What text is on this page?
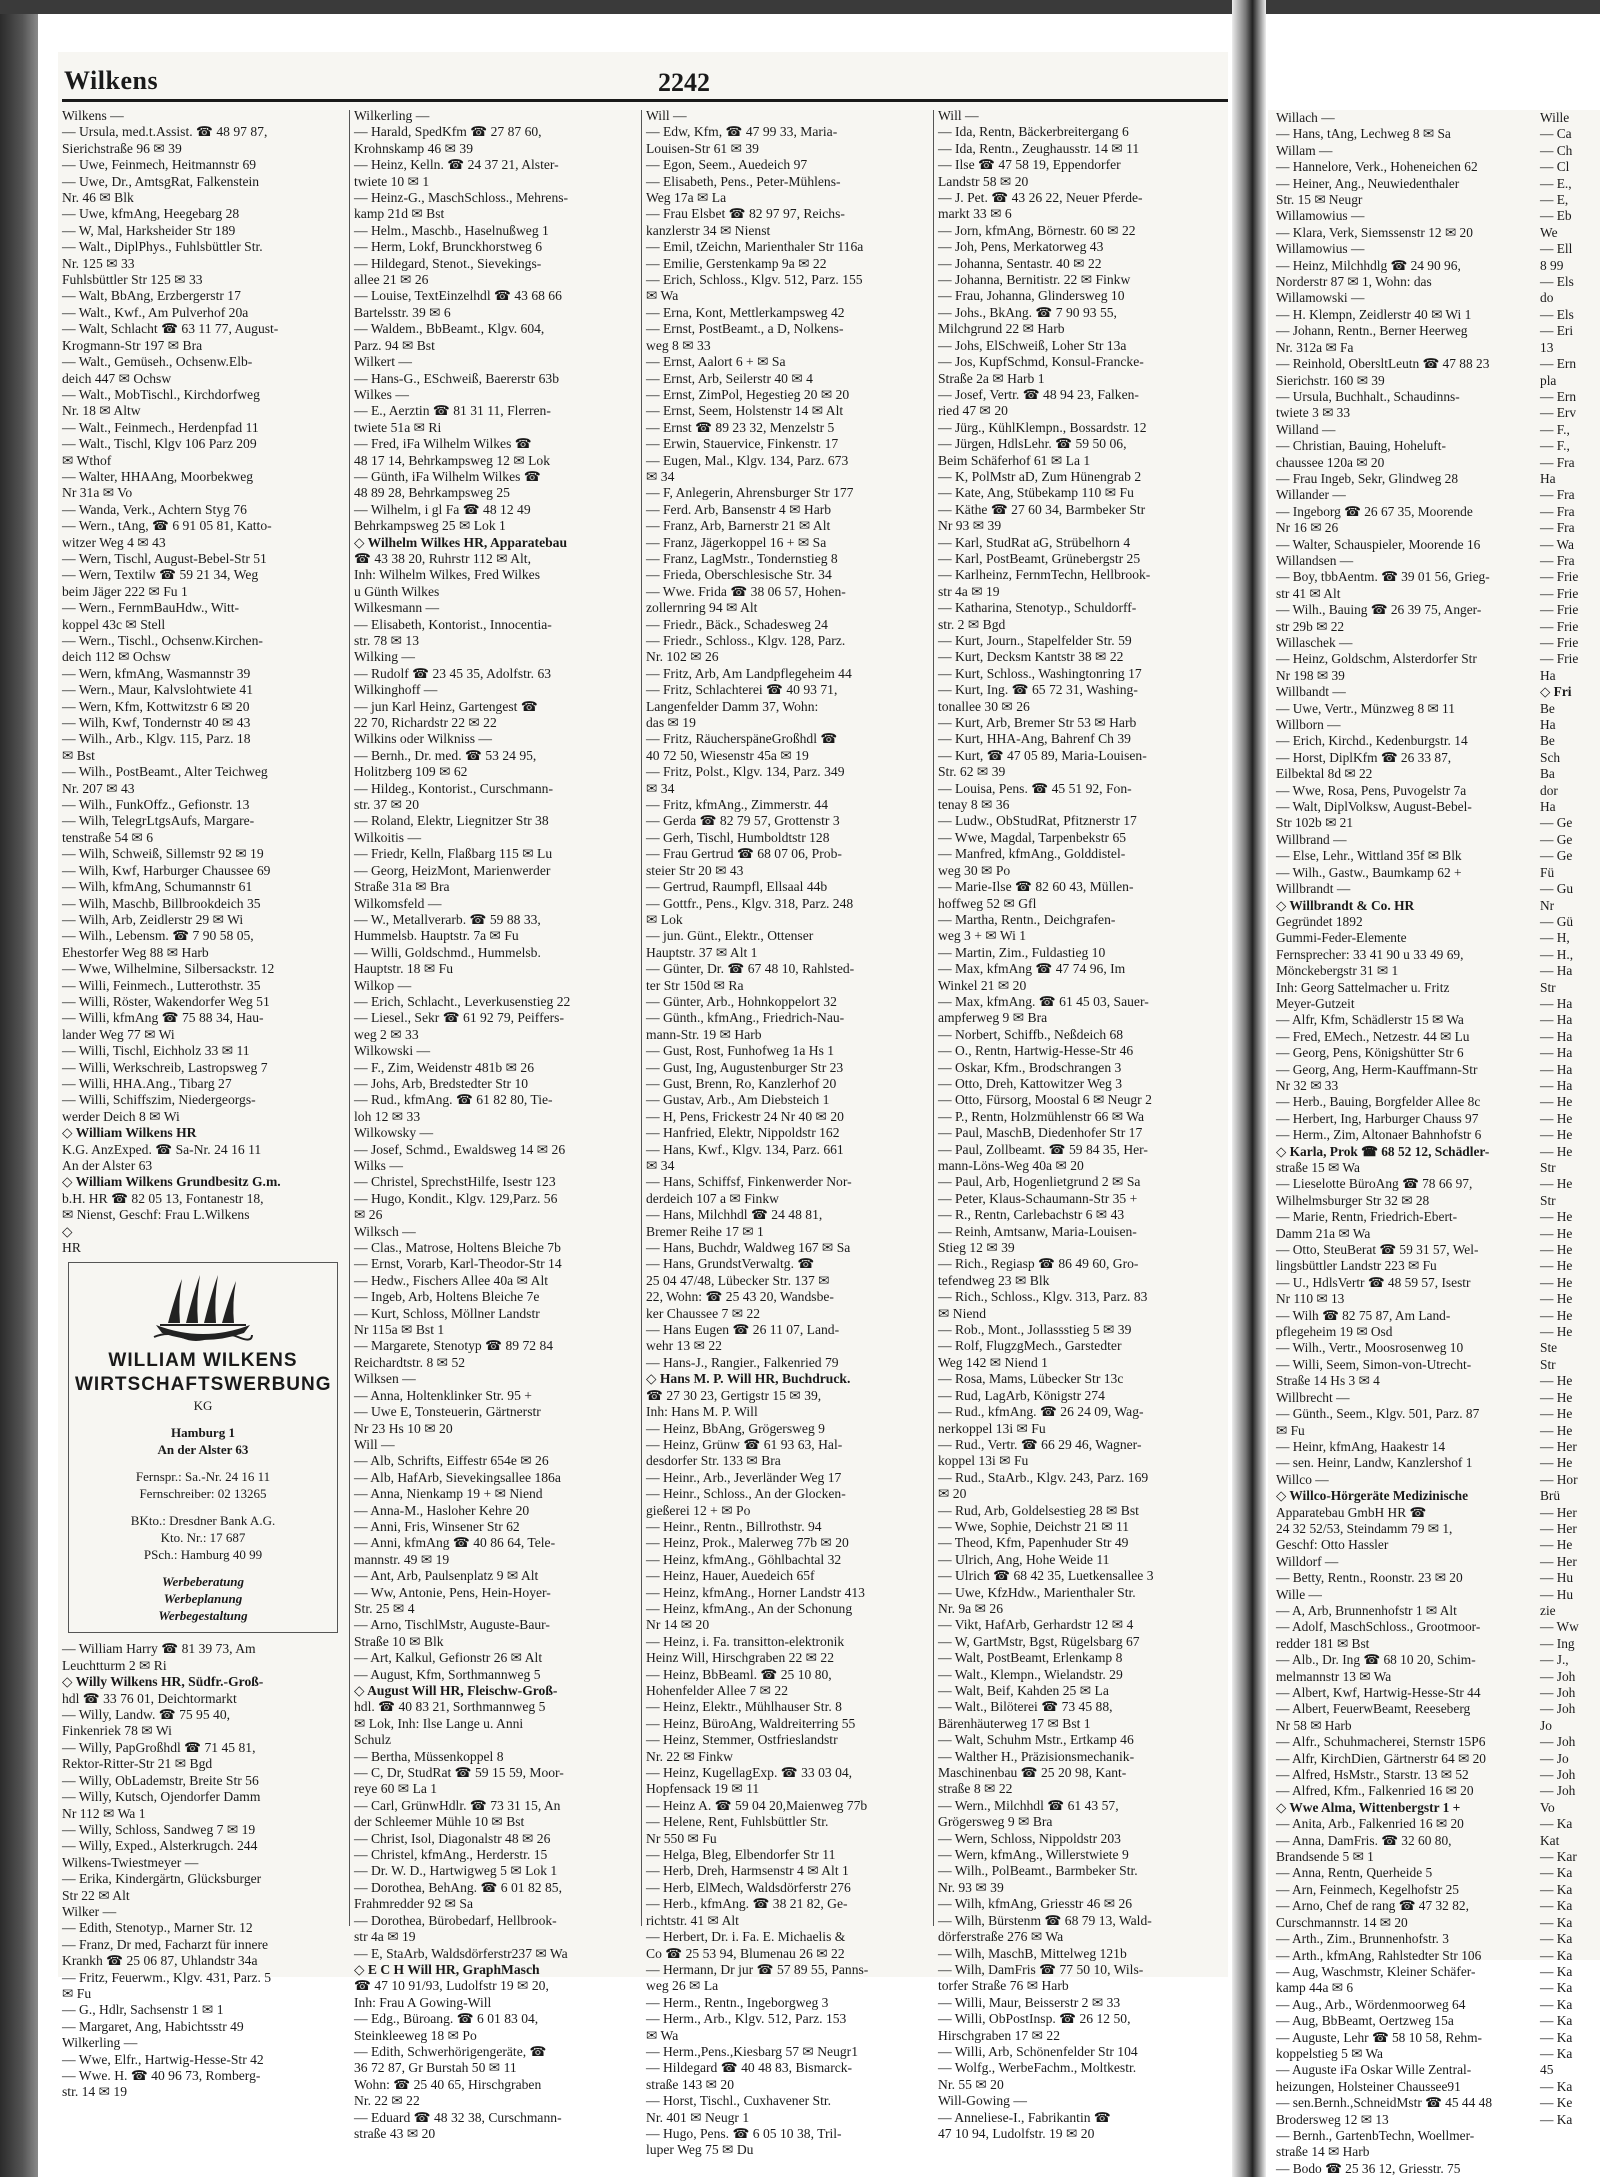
Wilkens	2242
Wilkens —
— Ursula, med.t.Assist. ☎ 48 97 87,
Sierichstraße 96 ✉ 39
— Uwe, Feinmech, Heitmannstr 69
— Uwe, Dr., AmtsgRat, Falkenstein
Nr. 46 ✉ Blk
— Uwe, kfmAng, Heegebarg 28
— W, Mal, Harksheider Str 189
— Walt., DiplPhys., Fuhlsbüttler Str.
Nr. 125 ✉ 33
Fuhlsbüttler Str 125 ✉ 33
— Walt, BbAng, Erzbergerstr 17
— Walt., Kwf., Am Pulverhof 20a
— Walt, Schlacht ☎ 63 11 77, August-
Krogmann-Str 197 ✉ Bra
— Walt., Gemüseh., Ochsenw.Elb-
deich 447 ✉ Ochsw
— Walt., MobTischl., Kirchdorfweg
Nr. 18 ✉ Altw
— Walt., Feinmech., Herdenpfad 11
— Walt., Tischl, Klgv 106 Parz 209
✉ Wthof
— Walter, HHAAng, Moorbekweg
Nr 31a ✉ Vo
— Wanda, Verk., Achtern Styg 76
— Wern., tAng, ☎ 6 91 05 81, Katto-
witzer Weg 4 ✉ 43
— Wern, Tischl, August-Bebel-Str 51
— Wern, Textilw ☎ 59 21 34, Weg
beim Jäger 222 ✉ Fu 1
— Wern., FernmBauHdw., Witt-
koppel 43c ✉ Stell
— Wern., Tischl., Ochsenw.Kirchen-
deich 112 ✉ Ochsw
— Wern, kfmAng, Wasmannstr 39
— Wern., Maur, Kalvslohtwiete 41
— Wern, Kfm, Kottwitzstr 6 ✉ 20
— Wilh, Kwf, Tondernstr 40 ✉ 43
— Wilh., Arb., Klgv. 115, Parz. 18
✉ Bst
— Wilh., PostBeamt., Alter Teichweg
Nr. 207 ✉ 43
— Wilh., FunkOffz., Gefionstr. 13
— Wilh, TelegrLtgsAufs, Margare-
tenstraße 54 ✉ 6
— Wilh, Schweiß, Sillemstr 92 ✉ 19
— Wilh, Kwf, Harburger Chaussee 69
— Wilh, kfmAng, Schumannstr 61
— Wilh, Maschb, Billbrookdeich 35
— Wilh, Arb, Zeidlerstr 29 ✉ Wi
— Wilh., Lebensm. ☎ 7 90 58 05,
Ehestorfer Weg 88 ✉ Harb
— Wwe, Wilhelmine, Silbersackstr. 12
— Willi, Feinmech., Lutterothstr. 35
— Willi, Röster, Wakendorfer Weg 51
— Willi, kfmAng ☎ 75 88 34, Hau-
lander Weg 77 ✉ Wi
— Willi, Tischl, Eichholz 33 ✉ 11
— Willi, Werkschreib, Lastropsweg 7
— Willi, HHA.Ang., Tibarg 27
— Willi, Schiffszim, Niedergeorgs-
werder Deich 8 ✉ Wi
◇ William Wilkens HR
K.G. AnzExped. ☎ Sa-Nr. 24 16 11
An der Alster 63
◇ William Wilkens Grundbesitz G.m.
b.H. HR ☎ 82 05 13, Fontanestr 18,
✉ Nienst, Geschf: Frau L.Wilkens
◇
HR
WILLIAM WILKENS
WIRTSCHAFTSWERBUNG
KG
Hamburg 1
An der Alster 63
Fernspr.: Sa.-Nr. 24 16 11
Fernschreiber: 02 13265
BKto.: Dresdner Bank A.G.
Kto. Nr.: 17 687
PSch.: Hamburg 40 99
Werbeberatung
Werbeplanung
Werbegestaltung
— William Harry ☎ 81 39 73, Am
Leuchtturm 2 ✉ Ri
◇ Willy Wilkens HR, Südfr.-Groß-
hdl ☎ 33 76 01, Deichtormarkt
— Willy, Landw. ☎ 75 95 40,
Finkenriek 78 ✉ Wi
— Willy, PapGroßhdl ☎ 71 45 81,
Rektor-Ritter-Str 21 ✉ Bgd
— Willy, ObLademstr, Breite Str 56
— Willy, Kutsch, Ojendorfer Damm
Nr 112 ✉ Wa 1
— Willy, Schloss, Sandweg 7 ✉ 19
— Willy, Exped., Alsterkrugch. 244
Wilkens-Twiestmeyer —
— Erika, Kindergärtn, Glücksburger
Str 22 ✉ Alt
Wilker —
— Edith, Stenotyp., Marner Str. 12
— Franz, Dr med, Facharzt für innere
Krankh ☎ 25 06 87, Uhlandstr 34a
— Fritz, Feuerwm., Klgv. 431, Parz. 5
✉ Fu
— G., Hdlr, Sachsenstr 1 ✉ 1
— Margaret, Ang, Habichtsstr 49
Wilkerling —
— Wwe, Elfr., Hartwig-Hesse-Str 42
— Wwe. H. ☎ 40 96 73, Romberg-
str. 14 ✉ 19
Wilkerling —
— Harald, SpedKfm ☎ 27 87 60,
Krohnskamp 46 ✉ 39
— Heinz, Kelln. ☎ 24 37 21, Alster-
twiete 10 ✉ 1
— Heinz-G., MaschSchloss., Mehrens-
kamp 21d ✉ Bst
— Helm., Maschb., Haselnußweg 1
— Herm, Lokf, Brunckhorstweg 6
— Hildegard, Stenot., Sievekings-
allee 21 ✉ 26
— Louise, TextEinzelhdl ☎ 43 68 66
Bartelsstr. 39 ✉ 6
— Waldem., BbBeamt., Klgv. 604,
Parz. 94 ✉ Bst
Wilkert —
— Hans-G., ESchweiß, Baererstr 63b
Wilkes —
— E., Aerztin ☎ 81 31 11, Flerren-
twiete 51a ✉ Ri
— Fred, iFa Wilhelm Wilkes ☎
48 17 14, Behrkampsweg 12 ✉ Lok
— Günth, iFa Wilhelm Wilkes ☎
48 89 28, Behrkampsweg 25
— Wilhelm, i gl Fa ☎ 48 12 49
Behrkampsweg 25 ✉ Lok 1
◇ Wilhelm Wilkes HR, Apparatebau
☎ 43 38 20, Ruhrstr 112 ✉ Alt,
Inh: Wilhelm Wilkes, Fred Wilkes
u Günth Wilkes
Wilkesmann —
— Elisabeth, Kontorist., Innocentia-
str. 78 ✉ 13
Wilking —
— Rudolf ☎ 23 45 35, Adolfstr. 63
Wilkinghoff —
— jun Karl Heinz, Gartengest ☎
22 70, Richardstr 22 ✉ 22
Wilkins oder Wilkniss —
— Bernh., Dr. med. ☎ 53 24 95,
Holitzberg 109 ✉ 62
— Hildeg., Kontorist., Curschmann-
str. 37 ✉ 20
— Roland, Elektr, Liegnitzer Str 38
Wilkoitis —
— Friedr, Kelln, Flaßbarg 115 ✉ Lu
— Georg, HeizMont, Marienwerder
Straße 31a ✉ Bra
Wilkomsfeld —
— W., Metallverarb. ☎ 59 88 33,
Hummelsb. Hauptstr. 7a ✉ Fu
— Willi, Goldschmd., Hummelsb.
Hauptstr. 18 ✉ Fu
Wilkop —
— Erich, Schlacht., Leverkusenstieg 22
— Liesel., Sekr ☎ 61 92 79, Peiffers-
weg 2 ✉ 33
Wilkowski —
— F., Zim, Weidenstr 481b ✉ 26
— Johs, Arb, Bredstedter Str 10
— Rud., kfmAng. ☎ 61 82 80, Tie-
loh 12 ✉ 33
Wilkowsky —
— Josef, Schmd., Ewaldsweg 14 ✉ 26
Wilks —
— Christel, SprechstHilfe, Isestr 123
— Hugo, Kondit., Klgv. 129,Parz. 56
✉ 26
Wilksch —
— Clas., Matrose, Holtens Bleiche 7b
— Ernst, Vorarb, Karl-Theodor-Str 14
— Hedw., Fischers Allee 40a ✉ Alt
— Ingeb, Arb, Holtens Bleiche 7e
— Kurt, Schloss, Möllner Landstr
Nr 115a ✉ Bst 1
— Margarete, Stenotyp ☎ 89 72 84
Reichardtstr. 8 ✉ 52
Wilksen —
— Anna, Holtenklinker Str. 95 +
— Uwe E, Tonsteuerin, Gärtnerstr
Nr 23 Hs 10 ✉ 20
Will —
— Alb, Schrifts, Eiffestr 654e ✉ 26
— Alb, HafArb, Sievekingsallee 186a
— Anna, Nienkamp 19 + ✉ Niend
— Anna-M., Hasloher Kehre 20
— Anni, Fris, Winsener Str 62
— Anni, kfmAng ☎ 40 86 64, Tele-
mannstr. 49 ✉ 19
— Ant, Arb, Paulsenplatz 9 ✉ Alt
— Ww, Antonie, Pens, Hein-Hoyer-
Str. 25 ✉ 4
— Arno, TischlMstr, Auguste-Baur-
Straße 10 ✉ Blk
— Art, Kalkul, Gefionstr 26 ✉ Alt
— August, Kfm, Sorthmannweg 5
◇ August Will HR, Fleischw-Groß-
hdl. ☎ 40 83 21, Sorthmannweg 5
✉ Lok, Inh: Ilse Lange u. Anni
Schulz
— Bertha, Müssenkoppel 8
— C, Dr, StudRat ☎ 59 15 59, Moor-
reye 60 ✉ La 1
— Carl, GrünwHdlr. ☎ 73 31 15, An
der Schleemer Mühle 10 ✉ Bst
— Christ, Isol, Diagonalstr 48 ✉ 26
— Christel, kfmAng., Herderstr. 15
— Dr. W. D., Hartwigweg 5 ✉ Lok 1
— Dorothea, BehAng. ☎ 6 01 82 85,
Frahmredder 92 ✉ Sa
— Dorothea, Bürobedarf, Hellbrook-
str 4a ✉ 19
— E, StaArb, Waldsdörferstr237 ✉ Wa
◇ E C H Will HR, GraphMasch
☎ 47 10 91/93, Ludolfstr 19 ✉ 20,
Inh: Frau A Gowing-Will
— Edg., Büroang. ☎ 6 01 83 04,
Steinkleeweg 18 ✉ Po
— Edith, Schwerhörigengeräte, ☎
36 72 87, Gr Burstah 50 ✉ 11
Wohn: ☎ 25 40 65, Hirschgraben
Nr. 22 ✉ 22
— Eduard ☎ 48 32 38, Curschmann-
straße 43 ✉ 20
Will —
— Edw, Kfm, ☎ 47 99 33, Maria-
Louisen-Str 61 ✉ 39
— Egon, Seem., Auedeich 97
— Elisabeth, Pens., Peter-Mühlens-
Weg 17a ✉ La
— Frau Elsbet ☎ 82 97 97, Reichs-
kanzlerstr 34 ✉ Nienst
— Emil, tZeichn, Marienthaler Str 116a
— Emilie, Gerstenkamp 9a ✉ 22
— Erich, Schloss., Klgv. 512, Parz. 155
✉ Wa
— Erna, Kont, Mettlerkampsweg 42
— Ernst, PostBeamt., a D, Nolkens-
weg 8 ✉ 33
— Ernst, Aalort 6 + ✉ Sa
— Ernst, Arb, Seilerstr 40 ✉ 4
— Ernst, ZimPol, Hegestieg 20 ✉ 20
— Ernst, Seem, Holstenstr 14 ✉ Alt
— Ernst ☎ 89 23 32, Menzelstr 5
— Erwin, Stauervice, Finkenstr. 17
— Eugen, Mal., Klgv. 134, Parz. 673
✉ 34
— F, Anlegerin, Ahrensburger Str 177
— Ferd. Arb, Bansenstr 4 ✉ Harb
— Franz, Arb, Barnerstr 21 ✉ Alt
— Franz, Jägerkoppel 16 + ✉ Sa
— Franz, LagMstr., Tondernstieg 8
— Frieda, Oberschlesische Str. 34
— Wwe. Frida ☎ 38 06 57, Hohen-
zollernring 94 ✉ Alt
— Friedr., Bäck., Schadesweg 24
— Friedr., Schloss., Klgv. 128, Parz.
Nr. 102 ✉ 26
— Fritz, Arb, Am Landpflegeheim 44
— Fritz, Schlachterei ☎ 40 93 71,
Langenfelder Damm 37, Wohn:
das ✉ 19
— Fritz, RäucherspäneGroßhdl ☎
40 72 50, Wiesenstr 45a ✉ 19
— Fritz, Polst., Klgv. 134, Parz. 349
✉ 34
— Fritz, kfmAng., Zimmerstr. 44
— Gerda ☎ 82 79 57, Grottenstr 3
— Gerh, Tischl, Humboldtstr 128
— Frau Gertrud ☎ 68 07 06, Prob-
steier Str 20 ✉ 43
— Gertrud, Raumpfl, Ellsaal 44b
— Gottfr., Pens., Klgv. 318, Parz. 248
✉ Lok
— jun. Günt., Elektr., Ottenser
Hauptstr. 37 ✉ Alt 1
— Günter, Dr. ☎ 67 48 10, Rahlsted-
ter Str 150d ✉ Ra
— Günter, Arb., Hohnkoppelort 32
— Günth., kfmAng., Friedrich-Nau-
mann-Str. 19 ✉ Harb
— Gust, Rost, Funhofweg 1a Hs 1
— Gust, Ing, Augustenburger Str 23
— Gust, Brenn, Ro, Kanzlerhof 20
— Gustav, Arb., Am Diebsteich 1
— H, Pens, Frickestr 24 Nr 40 ✉ 20
— Hanfried, Elektr, Nippoldstr 162
— Hans, Kwf., Klgv. 134, Parz. 661
✉ 34
— Hans, Schiffsf, Finkenwerder Nor-
derdeich 107 a ✉ Finkw
— Hans, Milchhdl ☎ 24 48 81,
Bremer Reihe 17 ✉ 1
— Hans, Buchdr, Waldweg 167 ✉ Sa
— Hans, GrundstVerwaltg. ☎
25 04 47/48, Lübecker Str. 137 ✉
22, Wohn: ☎ 25 43 20, Wandsbe-
ker Chaussee 7 ✉ 22
— Hans Eugen ☎ 26 11 07, Land-
wehr 13 ✉ 22
— Hans-J., Rangier., Falkenried 79
◇ Hans M. P. Will HR, Buchdruck.
☎ 27 30 23, Gertigstr 15 ✉ 39,
Inh: Hans M. P. Will
— Heinz, BbAng, Grögersweg 9
— Heinz, Grünw ☎ 61 93 63, Hal-
desdorfer Str. 133 ✉ Bra
— Heinr., Arb., Jeverländer Weg 17
— Heinr., Schloss., An der Glocken-
gießerei 12 + ✉ Po
— Heinr., Rentn., Billrothstr. 94
— Heinz, Prok., Malerweg 77b ✉ 20
— Heinz, kfmAng., Göhlbachtal 32
— Heinz, Hauer, Auedeich 65f
— Heinz, kfmAng., Horner Landstr 413
— Heinz, kfmAng., An der Schonung
Nr 14 ✉ 20
— Heinz, i. Fa. transitton-elektronik
Heinz Will, Hirschgraben 22 ✉ 22
— Heinz, BbBeaml. ☎ 25 10 80,
Hohenfelder Allee 7 ✉ 22
— Heinz, Elektr., Mühlhauser Str. 8
— Heinz, BüroAng, Waldreiterring 55
— Heinz, Stemmer, Ostfrieslandstr
Nr. 22 ✉ Finkw
— Heinz, KugellagExp. ☎ 33 03 04,
Hopfensack 19 ✉ 11
— Heinz A. ☎ 59 04 20,Maienweg 77b
— Helene, Rent, Fuhlsbüttler Str.
Nr 550 ✉ Fu
— Helga, Bleg, Elbendorfer Str 11
— Herb, Dreh, Harmsenstr 4 ✉ Alt 1
— Herb, ElMech, Waldsdörferstr 276
— Herb., kfmAng. ☎ 38 21 82, Ge-
richtstr. 41 ✉ Alt
— Herbert, Dr. i. Fa. E. Michaelis &
Co ☎ 25 53 94, Blumenau 26 ✉ 22
— Hermann, Dr jur ☎ 57 89 55, Panns-
weg 26 ✉ La
— Herm., Rentn., Ingeborgweg 3
— Herm., Arb., Klgv. 512, Parz. 153
✉ Wa
— Herm.,Pens.,Kiesbarg 57 ✉ Neugr1
— Hildegard ☎ 40 48 83, Bismarck-
straße 143 ✉ 20
— Horst, Tischl., Cuxhavener Str.
Nr. 401 ✉ Neugr 1
— Hugo, Pens. ☎ 6 05 10 38, Tril-
luper Weg 75 ✉ Du
Will —
— Ida, Rentn, Bäckerbreitergang 6
— Ida, Rentn., Zeughausstr. 14 ✉ 11
— Ilse ☎ 47 58 19, Eppendorfer
Landstr 58 ✉ 20
— J. Pet. ☎ 43 26 22, Neuer Pferde-
markt 33 ✉ 6
— Jorn, kfmAng, Börnestr. 60 ✉ 22
— Joh, Pens, Merkatorweg 43
— Johanna, Sentastr. 40 ✉ 22
— Johanna, Bernitistr. 22 ✉ Finkw
— Frau, Johanna, Glindersweg 10
— Johs., BkAng. ☎ 7 90 93 55,
Milchgrund 22 ✉ Harb
— Johs, ElSchweiß, Loher Str 13a
— Jos, KupfSchmd, Konsul-Francke-
Straße 2a ✉ Harb 1
— Josef, Vertr. ☎ 48 94 23, Falken-
ried 47 ✉ 20
— Jürg., KühlKlempn., Bossardstr. 12
— Jürgen, HdlsLehr. ☎ 59 50 06,
Beim Schäferhof 61 ✉ La 1
— K, PolMstr aD, Zum Hünengrab 2
— Kate, Ang, Stübekamp 110 ✉ Fu
— Käthe ☎ 27 60 34, Barmbeker Str
Nr 93 ✉ 39
— Karl, StudRat aG, Strübelhorn 4
— Karl, PostBeamt, Grünebergstr 25
— Karlheinz, FernmTechn, Hellbrook-
str 4a ✉ 19
— Katharina, Stenotyp., Schuldorff-
str. 2 ✉ Bgd
— Kurt, Journ., Stapelfelder Str. 59
— Kurt, Decksm Kantstr 38 ✉ 22
— Kurt, Schloss., Washingtonring 17
— Kurt, Ing. ☎ 65 72 31, Washing-
tonallee 30 ✉ 26
— Kurt, Arb, Bremer Str 53 ✉ Harb
— Kurt, HHA-Ang, Bahrenf Ch 39
— Kurt, ☎ 47 05 89, Maria-Louisen-
Str. 62 ✉ 39
— Louisa, Pens. ☎ 45 51 92, Fon-
tenay 8 ✉ 36
— Ludw., ObStudRat, Pfitznerstr 17
— Wwe, Magdal, Tarpenbekstr 65
— Manfred, kfmAng., Golddistel-
weg 30 ✉ Po
— Marie-Ilse ☎ 82 60 43, Müllen-
hoffweg 52 ✉ Gfl
— Martha, Rentn., Deichgrafen-
weg 3 + ✉ Wi 1
— Martin, Zim., Fuldastieg 10
— Max, kfmAng ☎ 47 74 96, Im
Winkel 21 ✉ 20
— Max, kfmAng. ☎ 61 45 03, Sauer-
ampferweg 9 ✉ Bra
— Norbert, Schiffb., Neßdeich 68
— O., Rentn, Hartwig-Hesse-Str 46
— Oskar, Kfm., Brodschrangen 3
— Otto, Dreh, Kattowitzer Weg 3
— Otto, Fürsorg, Moostal 6 ✉ Neugr 2
— P., Rentn, Holzmühlenstr 66 ✉ Wa
— Paul, MaschB, Diedenhofer Str 17
— Paul, Zollbeamt. ☎ 59 84 35, Her-
mann-Löns-Weg 40a ✉ 20
— Paul, Arb, Hogenlietgrund 2 ✉ Sa
— Peter, Klaus-Schaumann-Str 35 +
— R., Rentn, Carlebachstr 6 ✉ 43
— Reinh, Amtsanw, Maria-Louisen-
Stieg 12 ✉ 39
— Rich., Regiasp ☎ 86 49 60, Gro-
tefendweg 23 ✉ Blk
— Rich., Schloss., Klgv. 313, Parz. 83
✉ Niend
— Rob., Mont., Jollassstieg 5 ✉ 39
— Rolf, FlugzgMech., Garstedter
Weg 142 ✉ Niend 1
— Rosa, Mams, Lübecker Str 13c
— Rud, LagArb, Königstr 274
— Rud., kfmAng. ☎ 26 24 09, Wag-
nerkoppel 13i ✉ Fu
— Rud., Vertr. ☎ 66 29 46, Wagner-
koppel 13i ✉ Fu
— Rud., StaArb., Klgv. 243, Parz. 169
✉ 20
— Rud, Arb, Goldelsestieg 28 ✉ Bst
— Wwe, Sophie, Deichstr 21 ✉ 11
— Theod, Kfm, Papenhuder Str 49
— Ulrich, Ang, Hohe Weide 11
— Ulrich ☎ 68 42 35, Luetkensallee 3
— Uwe, KfzHdw., Marienthaler Str.
Nr. 9a ✉ 26
— Vikt, HafArb, Gerhardstr 12 ✉ 4
— W, GartMstr, Bgst, Rügelsbarg 67
— Walt, PostBeamt, Erlenkamp 8
— Walt., Klempn., Wielandstr. 29
— Walt, Beif, Kahden 25 ✉ La
— Walt., Bilöterei ☎ 73 45 88,
Bärenhäuterweg 17 ✉ Bst 1
— Walt, Schuhm Mstr., Ertkamp 46
— Walther H., Präzisionsmechanik-
Maschinenbau ☎ 25 20 98, Kant-
straße 8 ✉ 22
— Wern., Milchhdl ☎ 61 43 57,
Grögersweg 9 ✉ Bra
— Wern, Schloss, Nippoldstr 203
— Wern, kfmAng., Willerstwiete 9
— Wilh., PolBeamt., Barmbeker Str.
Nr. 93 ✉ 39
— Wilh, kfmAng, Griesstr 46 ✉ 26
— Wilh, Bürstenm ☎ 68 79 13, Wald-
dörferstraße 276 ✉ Wa
— Wilh, MaschB, Mittelweg 121b
— Wilh, DamFris ☎ 77 50 10, Wils-
torfer Straße 76 ✉ Harb
— Willi, Maur, Beisserstr 2 ✉ 33
— Willi, ObPostInsp. ☎ 26 12 50,
Hirschgraben 17 ✉ 22
— Willi, Arb, Schönenfelder Str 104
— Wolfg., WerbeFachm., Moltkestr.
Nr. 55 ✉ 20
Will-Gowing —
— Anneliese-I., Fabrikantin ☎
47 10 94, Ludolfstr. 19 ✉ 20
Willach —
— Hans, tAng, Lechweg 8 ✉ Sa
Willam —
— Hannelore, Verk., Hoheneichen 62
— Heiner, Ang., Neuwiedenthaler
Str. 15 ✉ Neugr
Willamowius —
— Klara, Verk, Siemssenstr 12 ✉ 20
Willamowius —
— Heinz, Milchhdlg ☎ 24 90 96,
Norderstr 87 ✉ 1, Wohn: das
Willamowski —
— H. Klempn, Zeidlerstr 40 ✉ Wi 1
— Johann, Rentn., Berner Heerweg
Nr. 312a ✉ Fa
— Reinhold, ObersltLeutn ☎ 47 88 23
Sierichstr. 160 ✉ 39
— Ursula, Buchhalt., Schaudinns-
twiete 3 ✉ 33
Willand —
— Christian, Bauing, Hoheluft-
chaussee 120a ✉ 20
— Frau Ingeb, Sekr, Glindweg 28
Willander —
— Ingeborg ☎ 26 67 35, Moorende
Nr 16 ✉ 26
— Walter, Schauspieler, Moorende 16
Willandsen —
— Boy, tbbAentm. ☎ 39 01 56, Grieg-
str 41 ✉ Alt
— Wilh., Bauing ☎ 26 39 75, Anger-
str 29b ✉ 22
Willaschek —
— Heinz, Goldschm, Alsterdorfer Str
Nr 198 ✉ 39
Willbandt —
— Uwe, Vertr., Münzweg 8 ✉ 11
Willborn —
— Erich, Kirchd., Kedenburgstr. 14
— Horst, DiplKfm ☎ 26 33 87,
Eilbektal 8d ✉ 22
— Wwe, Rosa, Pens, Puvogelstr 7a
— Walt, DiplVolksw, August-Bebel-
Str 102b ✉ 21
Willbrand —
— Else, Lehr., Wittland 35f ✉ Blk
— Wilh., Gastw., Baumkamp 62 +
Willbrandt —
◇ Willbrandt & Co. HR
Gegründet 1892
Gummi-Feder-Elemente
Fernsprecher: 33 41 90 u 33 49 69,
Mönckebergstr 31 ✉ 1
Inh: Georg Sattelmacher u. Fritz
Meyer-Gutzeit
— Alfr, Kfm, Schädlerstr 15 ✉ Wa
— Fred, EMech., Netzestr. 44 ✉ Lu
— Georg, Pens, Königshütter Str 6
— Georg, Ang, Herm-Kauffmann-Str
Nr 32 ✉ 33
— Herb., Bauing, Borgfelder Allee 8c
— Herbert, Ing, Harburger Chauss 97
— Herm., Zim, Altonaer Bahnhofstr 6
◇ Karla, Prok ☎ 68 52 12, Schädler-
straße 15 ✉ Wa
— Lieselotte BüroAng ☎ 78 66 97,
Wilhelmsburger Str 32 ✉ 28
— Marie, Rentn, Friedrich-Ebert-
Damm 21a ✉ Wa
— Otto, SteuBerat ☎ 59 31 57, Wel-
lingsbüttler Landstr 223 ✉ Fu
— U., HdlsVertr ☎ 48 59 57, Isestr
Nr 110 ✉ 13
— Wilh ☎ 82 75 87, Am Land-
pflegeheim 19 ✉ Osd
— Wilh., Vertr., Moosrosenweg 10
— Willi, Seem, Simon-von-Utrecht-
Straße 14 Hs 3 ✉ 4
Willbrecht —
— Günth., Seem., Klgv. 501, Parz. 87
✉ Fu
— Heinr, kfmAng, Haakestr 14
— sen. Heinr, Landw, Kanzlershof 1
Willco —
◇ Willco-Hörgeräte Medizinische
Apparatebau GmbH HR ☎
24 32 52/53, Steindamm 79 ✉ 1,
Geschf: Otto Hassler
Willdorf —
— Betty, Rentn., Roonstr. 23 ✉ 20
Wille —
— A, Arb, Brunnenhofstr 1 ✉ Alt
— Adolf, MaschSchloss., Grootmoor-
redder 181 ✉ Bst
— Alb., Dr. Ing ☎ 68 10 20, Schim-
melmannstr 13 ✉ Wa
— Albert, Kwf, Hartwig-Hesse-Str 44
— Albert, FeuerwBeamt, Reeseberg
Nr 58 ✉ Harb
— Alfr., Schuhmacherei, Sternstr 15P6
— Alfr, KirchDien, Gärtnerstr 64 ✉ 20
— Alfred, HsMstr., Starstr. 13 ✉ 52
— Alfred, Kfm., Falkenried 16 ✉ 20
◇ Wwe Alma, Wittenbergstr 1 +
— Anita, Arb., Falkenried 16 ✉ 20
— Anna, DamFris. ☎ 32 60 80,
Brandsende 5 ✉ 1
— Anna, Rentn, Querheide 5
— Arn, Feinmech, Kegelhofstr 25
— Arno, Chef de rang ☎ 47 32 82,
Curschmannstr. 14 ✉ 20
— Arth., Zim., Brunnenhofstr. 3
— Arth., kfmAng, Rahlstedter Str 106
— Aug, Waschmstr, Kleiner Schäfer-
kamp 44a ✉ 6
— Aug., Arb., Wördenmoorweg 64
— Aug, BbBeamt, Oertzweg 15a
— Auguste, Lehr ☎ 58 10 58, Rehm-
koppelstieg 5 ✉ Wa
— Auguste iFa Oskar Wille Zentral-
heizungen, Holsteiner Chaussee91
— sen.Bernh.,SchneidMstr ☎ 45 44 48
Brodersweg 12 ✉ 13
— Bernh., GartenbTechn, Woellmer-
straße 14 ✉ Harb
— Bodo ☎ 25 36 12, Griesstr. 75
Wille
— Ca
— Ch
— Cl
— E.,
— E,
— Eb
We
— Ell
8 99
— Els
do
— Els
— Eri
13
— Ern
pla
— Ern
— Erv
— F.,
— F.,
— Fra
Ha
— Fra
— Fra
— Fra
— Wa
— Fra
— Frie
— Frie
— Frie
— Frie
— Frie
— Frie
Ha
◇ Fri
Be
Ha
Be
Sch
Ba
dor
Ha
— Ge
— Ge
— Ge
Fü
— Gu
Nr
— Gü
— H,
— H.,
— Ha
Str
— Ha
— Ha
— Ha
— Ha
— Ha
— Ha
— He
— He
— He
— He
Str
— He
Str
— He
— He
— He
— He
— He
— He
— He
— He
Ste
Str
— He
— He
— He
— He
— Her
— He
— Hor
Brü
— Her
— Her
— He
— Her
— Hu
— Hu
zie
— Ww
— Ing
— J.,
— Joh
— Joh
— Joh
Jo
— Joh
— Jo
— Joh
— Joh
Vo
— Ka
Kat
— Kar
— Ka
— Ka
— Ka
— Ka
— Ka
— Ka
— Ka
— Ka
— Ka
— Ka
— Ka
— Ka
45
— Ka
— Ke
— Ka
